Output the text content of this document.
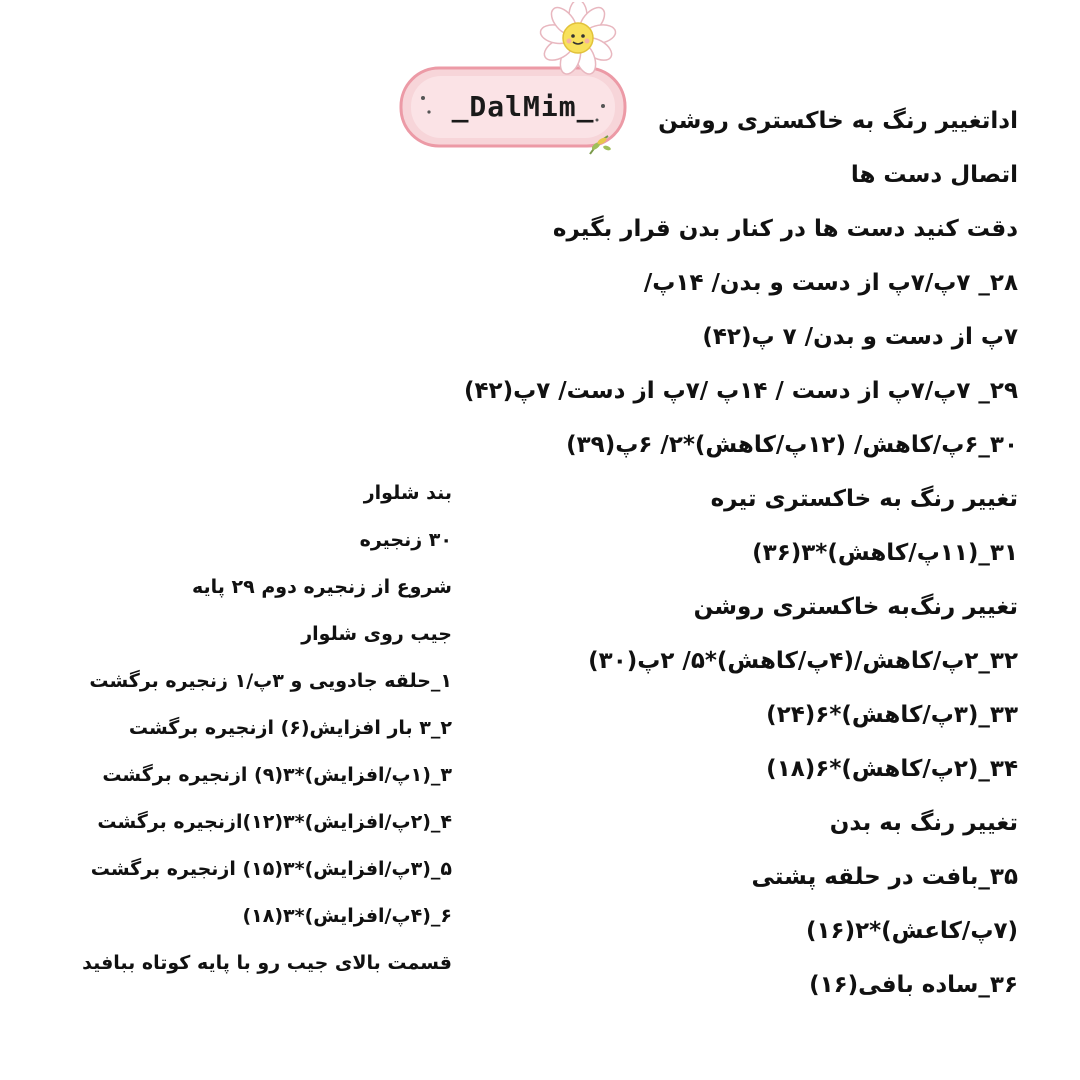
_DalMim_	اداتغییر رنگ به خاکستری روشن
اتصال دست ها
دقت کنید دست ها در کنار بدن قرار بگیره
۲۸_ ۷پ/۷پ از دست و بدن/ ۱۴پ/
۷پ از دست و بدن/ ۷ پ(۴۲)
۲۹_ ۷پ/۷پ از دست / ۱۴پ /۷پ از دست/ ۷پ(۴۲)
۳۰_۶پ/کاهش/ (۱۲پ/کاهش)*۲/ ۶پ(۳۹)
تغییر رنگ به خاکستری تیره
۳۱_(۱۱پ/کاهش)*۳(۳۶)
تغییر رنگ‌به خاکستری روشن
۳۲_۲پ/کاهش/(۴پ/کاهش)*۵/ ۲پ(۳۰)
۳۳_(۳پ/کاهش)*۶(۲۴)
۳۴_(۲پ/کاهش)*۶(۱۸)
تغییر رنگ به بدن
۳۵_بافت در حلقه پشتی
(۷پ/کاعش)*۲(۱۶)
۳۶_ساده بافی(۱۶)
بند شلوار
۳۰ زنجیره
شروع از زنجیره دوم ۲۹ پایه
جیب روی شلوار
۱_حلقه جادویی و ۳پ/۱ زنجیره برگشت
۲_۳ بار افزایش(۶) ازنجیره برگشت
۳_(۱پ/افزایش)*۳(۹) ازنجیره برگشت
۴_(۲پ/افزایش)*۳(۱۲)ازنجیره برگشت
۵_(۳پ/افزایش)*۳(۱۵) ازنجیره برگشت
۶_(۴پ/افزایش)*۳(۱۸)
قسمت بالای جیب رو با پایه کوتاه ببافید
